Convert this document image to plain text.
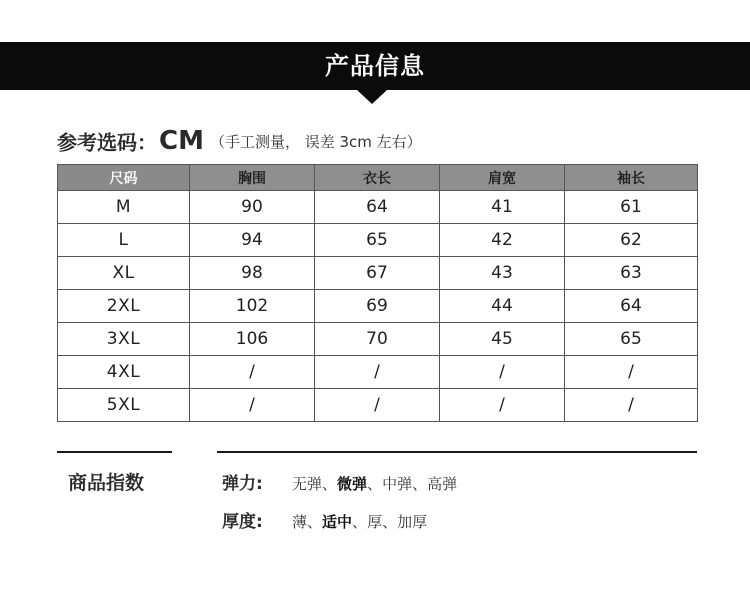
产品信息
参考选码：CM （手工测量， 误差 3cm 左右）
尺码	胸围	衣长	肩宽	袖长
M	90	64	41	61
L	94	65	42	62
XL	98	67	43	63
2XL	102	69	44	64
3XL	106	70	45	65
4XL	/	/	/	/
5XL	/	/	/	/
商品指数	弹力: 无弹、微弹、中弹、高弹
厚度: 薄、适中、厚、加厚
